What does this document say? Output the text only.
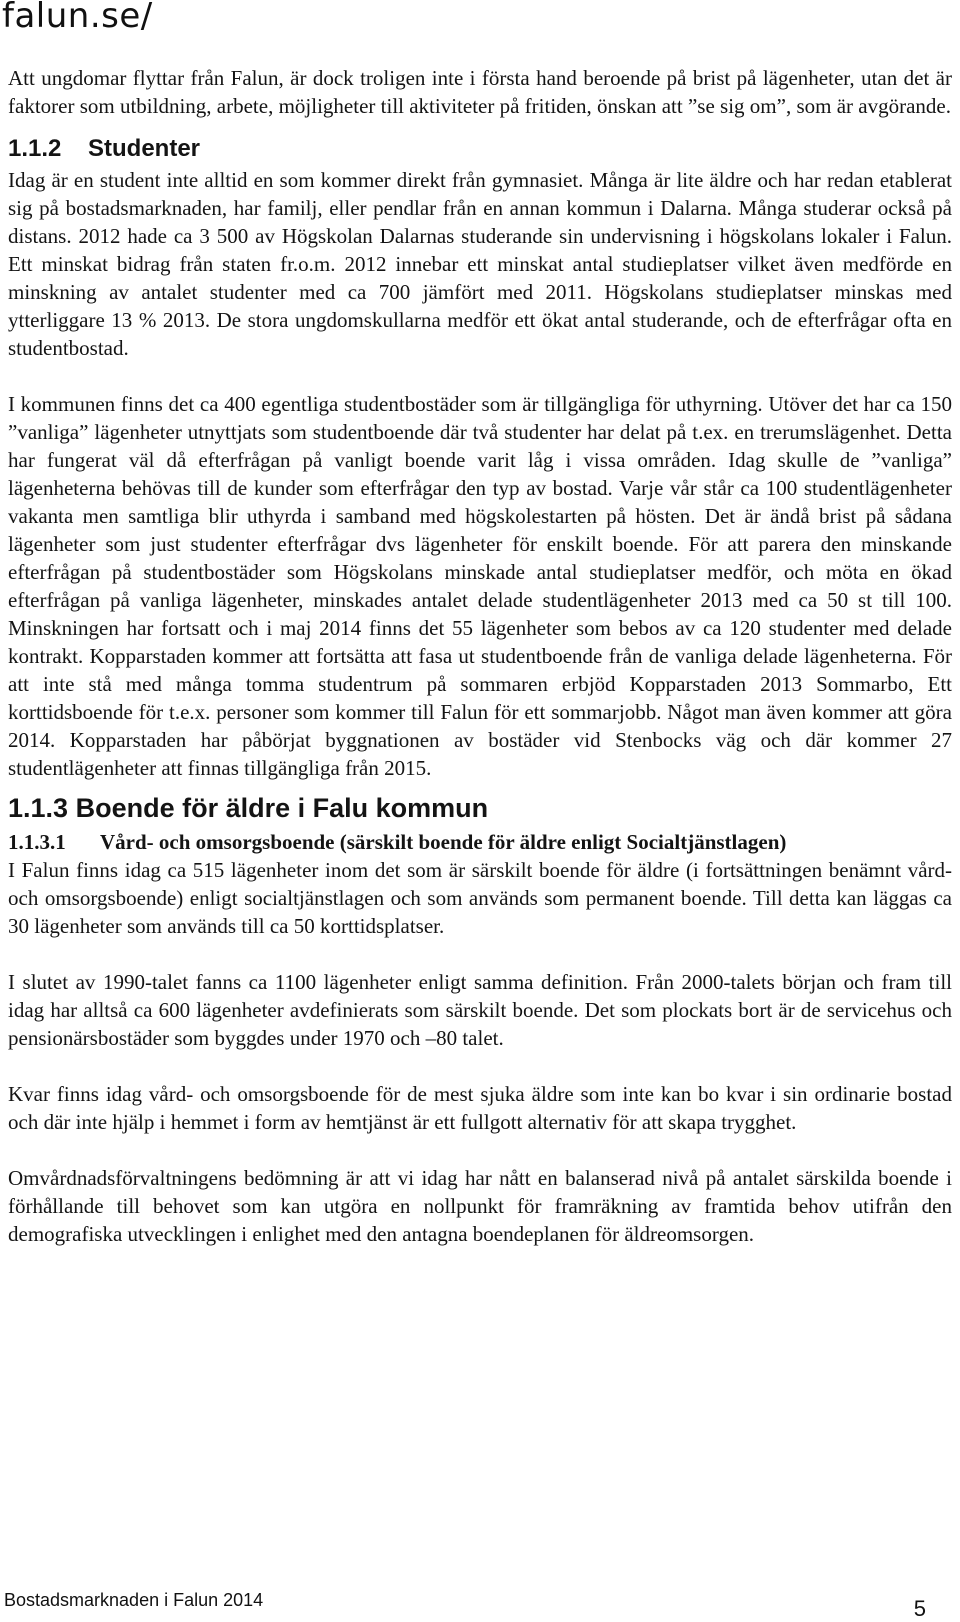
falun.se/

Att ungdomar flyttar från Falun, är dock troligen inte i första hand beroende på brist på lägenheter, utan det är faktorer som utbildning, arbete, möjligheter till aktiviteter på fritiden, önskan att ”se sig om”, som är avgörande.

1.1.2 Studenter

Idag är en student inte alltid en som kommer direkt från gymnasiet. Många är lite äldre och har redan etablerat sig på bostadsmarknaden, har familj, eller pendlar från en annan kommun i Dalarna. Många studerar också på distans. 2012 hade ca 3 500 av Högskolan Dalarnas studerande sin undervisning i högskolans lokaler i Falun. Ett minskat bidrag från staten fr.o.m. 2012 innebar ett minskat antal studieplatser vilket även medförde en minskning av antalet studenter med ca 700 jämfört med 2011. Högskolans studieplatser minskas med ytterliggare 13 % 2013. De stora ungdomskullarna medför ett ökat antal studerande, och de efterfrågar ofta en studentbostad.

I kommunen finns det ca 400 egentliga studentbostäder som är tillgängliga för uthyrning. Utöver det har ca 150 ”vanliga” lägenheter utnyttjats som studentboende där två studenter har delat på t.ex. en trerumslägenhet. Detta har fungerat väl då efterfrågan på vanligt boende varit låg i vissa områden. Idag skulle de ”vanliga” lägenheterna behövas till de kunder som efterfrågar den typ av bostad. Varje vår står ca 100 studentlägenheter vakanta men samtliga blir uthyrda i samband med högskolestarten på hösten. Det är ändå brist på sådana lägenheter som just studenter efterfrågar dvs lägenheter för enskilt boende. För att parera den minskande efterfrågan på studentbostäder som Högskolans minskade antal studieplatser medför, och möta en ökad efterfrågan på vanliga lägenheter, minskades antalet delade studentlägenheter 2013 med ca 50 st till 100. Minskningen har fortsatt och i maj 2014 finns det 55 lägenheter som bebos av ca 120 studenter med delade kontrakt. Kopparstaden kommer att fortsätta att fasa ut studentboende från de vanliga delade lägenheterna. För att inte stå med många tomma studentrum på sommaren erbjöd Kopparstaden 2013 Sommarbo, Ett korttidsboende för t.e.x. personer som kommer till Falun för ett sommarjobb. Något man även kommer att göra 2014. Kopparstaden har påbörjat byggnationen av bostäder vid Stenbocks väg och där kommer 27 studentlägenheter att finnas tillgängliga från 2015.

1.1.3 Boende för äldre i Falu kommun
1.1.3.1 Vård- och omsorgsboende (särskilt boende för äldre enligt Socialtjänstlagen)

I Falun finns idag ca 515 lägenheter inom det som är särskilt boende för äldre (i fortsättningen benämnt vård- och omsorgsboende) enligt socialtjänstlagen och som används som permanent boende. Till detta kan läggas ca 30 lägenheter som används till ca 50 korttidsplatser.

I slutet av 1990-talet fanns ca 1100 lägenheter enligt samma definition. Från 2000-talets början och fram till idag har alltså ca 600 lägenheter avdefinierats som särskilt boende. Det som plockats bort är de servicehus och pensionärsbostäder som byggdes under 1970 och –80 talet.

Kvar finns idag vård- och omsorgsboende för de mest sjuka äldre som inte kan bo kvar i sin ordinarie bostad och där inte hjälp i hemmet i form av hemtjänst är ett fullgott alternativ för att skapa trygghet.

Omvårdnadsförvaltningens bedömning är att vi idag har nått en balanserad nivå på antalet särskilda boende i förhållande till behovet som kan utgöra en nollpunkt för framräkning av framtida behov utifrån den demografiska utvecklingen i enlighet med den antagna boendeplanen för äldreomsorgen.

Bostadsmarknaden i Falun 2014	5
